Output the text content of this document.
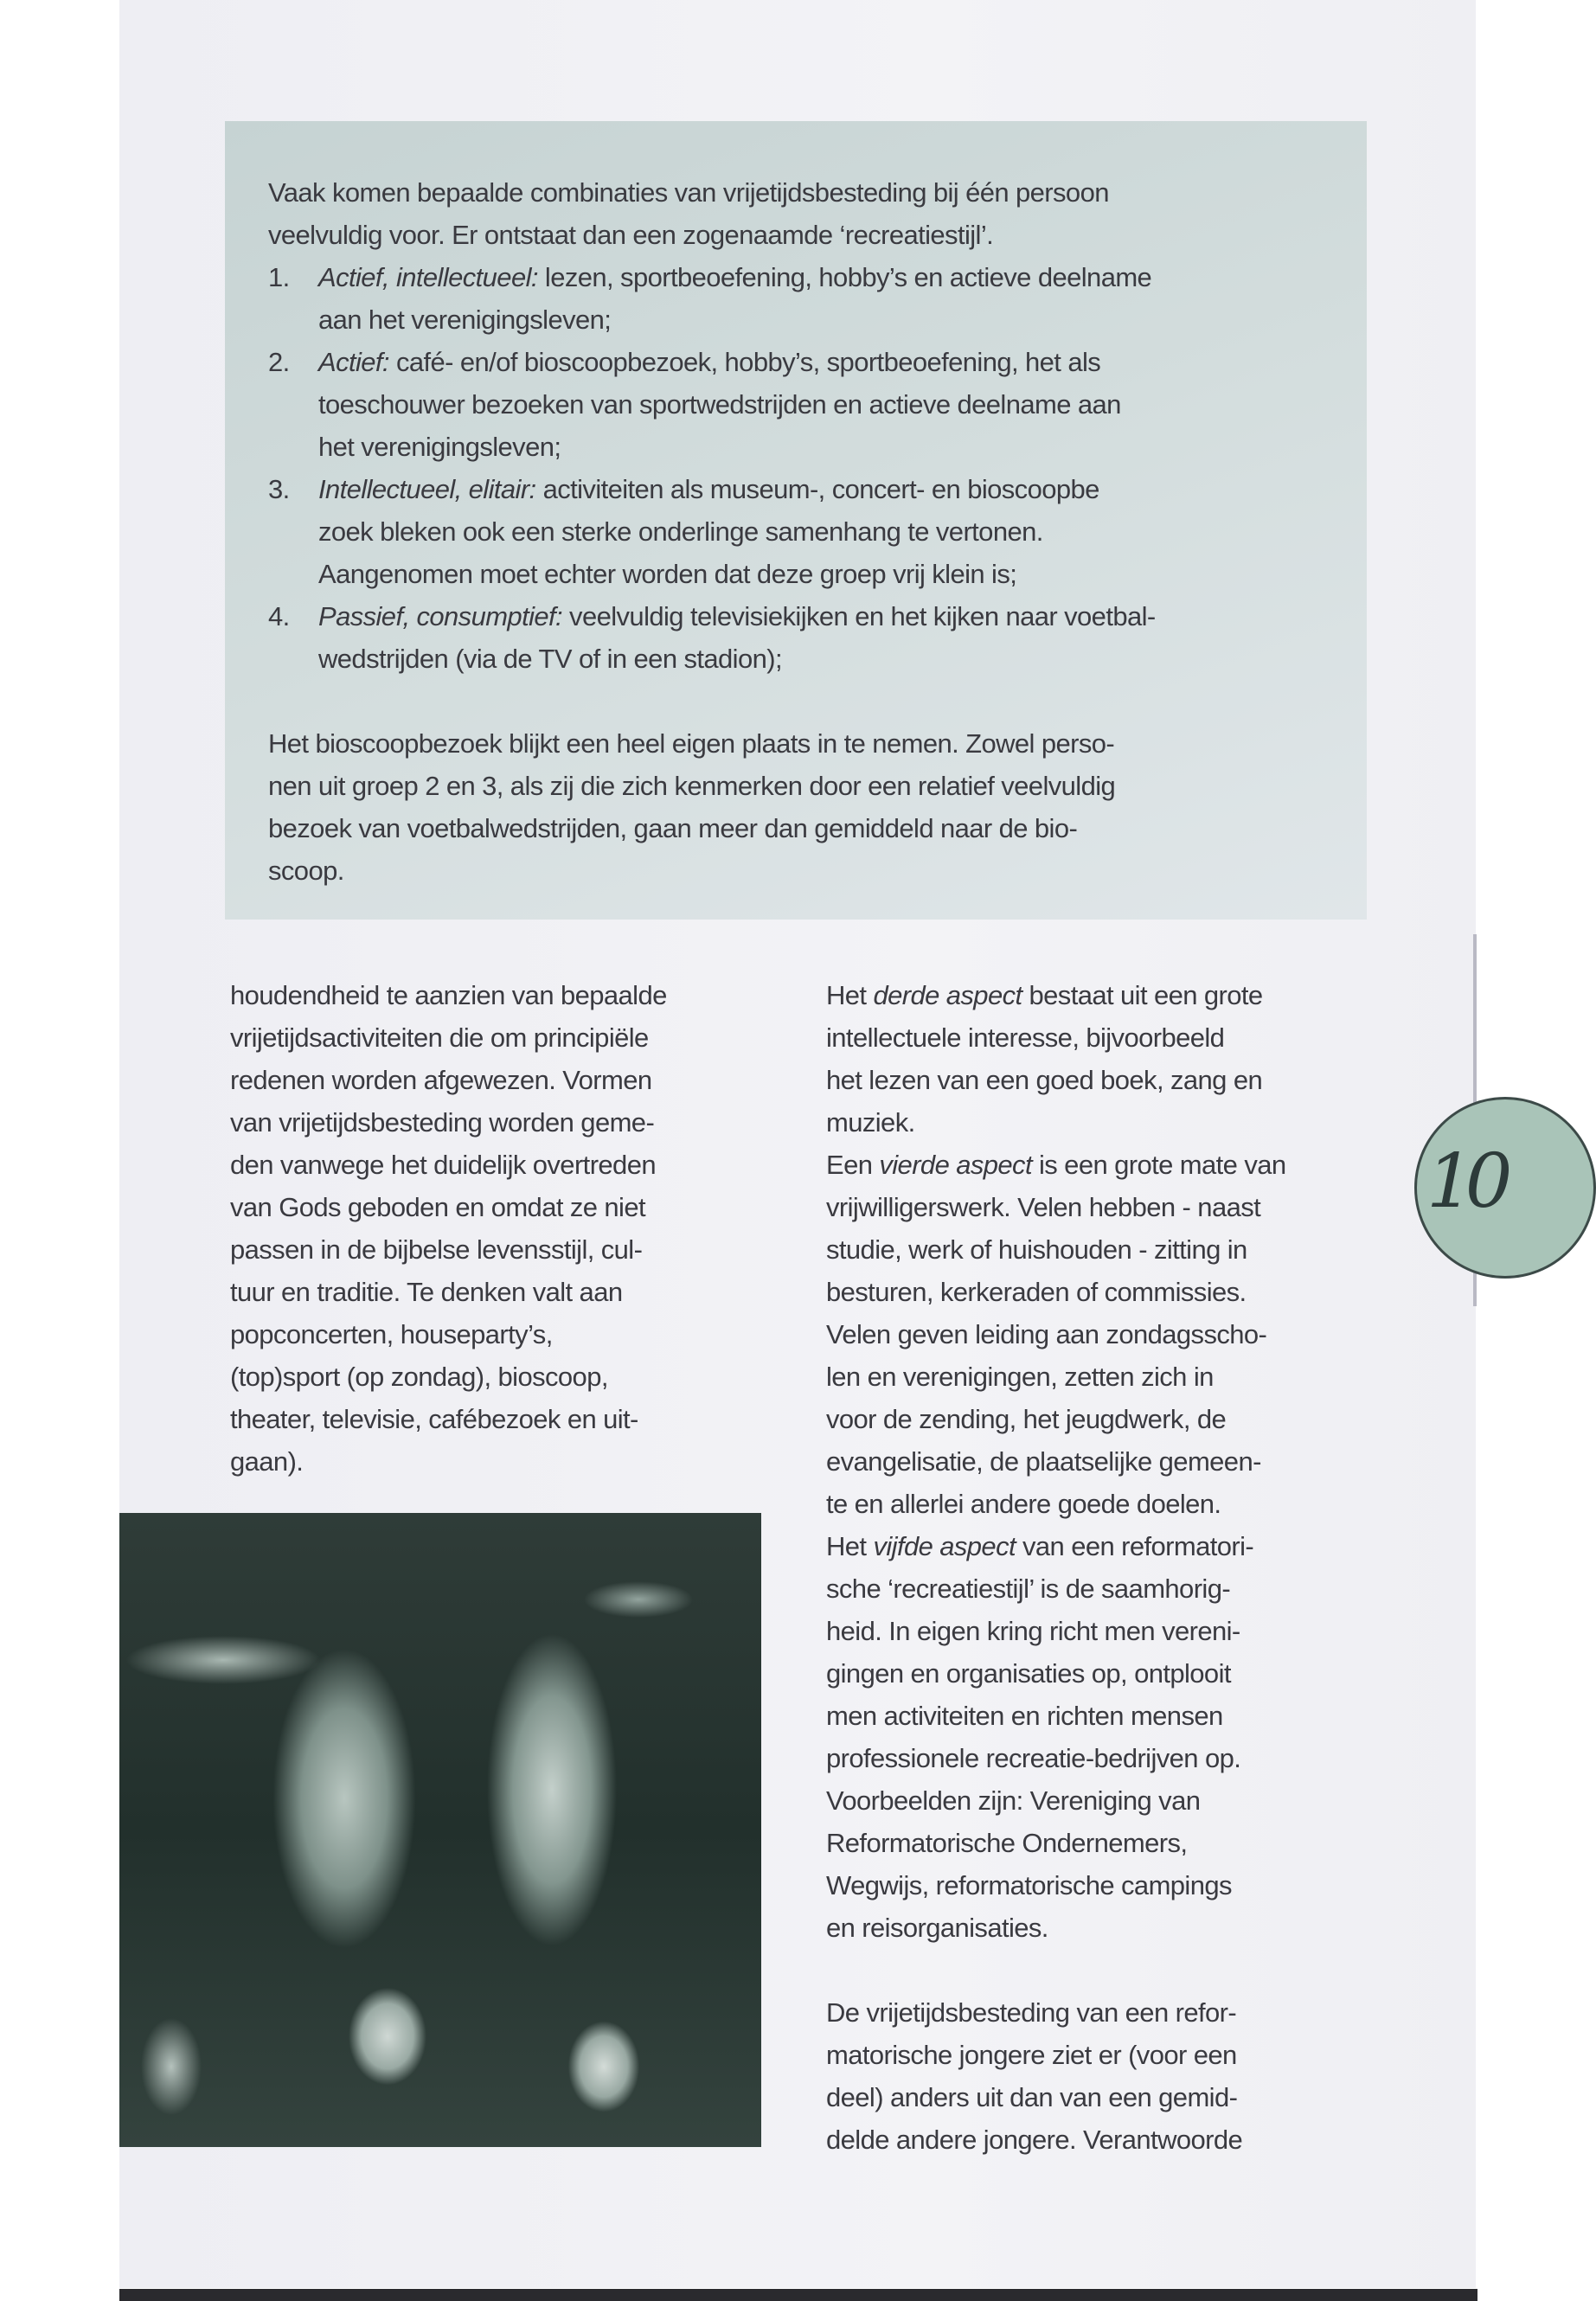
Vaak komen bepaalde combinaties van vrijetijdsbesteding bij één persoon
veelvuldig voor. Er ontstaat dan een zogenaamde ‘recreatiestijl’.
1. Actief, intellectueel: lezen, sportbeoefening, hobby’s en actieve deelname
aan het verenigingsleven;
2. Actief: café- en/of bioscoopbezoek, hobby’s, sportbeoefening, het als
toeschouwer bezoeken van sportwedstrijden en actieve deelname aan
het verenigingsleven;
3. Intellectueel, elitair: activiteiten als museum-, concert- en bioscoopbe
zoek bleken ook een sterke onderlinge samenhang te vertonen.
Aangenomen moet echter worden dat deze groep vrij klein is;
4. Passief, consumptief: veelvuldig televisiekijken en het kijken naar voetbal-
wedstrijden (via de TV of in een stadion);
Het bioscoopbezoek blijkt een heel eigen plaats in te nemen. Zowel perso-
nen uit groep 2 en 3, als zij die zich kenmerken door een relatief veelvuldig
bezoek van voetbalwedstrijden, gaan meer dan gemiddeld naar de bio-
scoop.
houdendheid te aanzien van bepaalde
vrijetijdsactiviteiten die om principiële
redenen worden afgewezen. Vormen
van vrijetijdsbesteding worden geme-
den vanwege het duidelijk overtreden
van Gods geboden en omdat ze niet
passen in de bijbelse levensstijl, cul-
tuur en traditie. Te denken valt aan
popconcerten, houseparty’s,
(top)sport (op zondag), bioscoop,
theater, televisie, cafébezoek en uit-
gaan).
Het derde aspect bestaat uit een grote
intellectuele interesse, bijvoorbeeld
het lezen van een goed boek, zang en
muziek.
Een vierde aspect is een grote mate van
vrijwilligerswerk. Velen hebben - naast
studie, werk of huishouden - zitting in
besturen, kerkeraden of commissies.
Velen geven leiding aan zondagsscho-
len en verenigingen, zetten zich in
voor de zending, het jeugdwerk, de
evangelisatie, de plaatselijke gemeen-
te en allerlei andere goede doelen.
Het vijfde aspect van een reformatori-
sche ‘recreatiestijl’ is de saamhorig-
heid. In eigen kring richt men vereni-
gingen en organisaties op, ontplooit
men activiteiten en richten mensen
professionele recreatie-bedrijven op.
Voorbeelden zijn: Vereniging van
Reformatorische Ondernemers,
Wegwijs, reformatorische campings
en reisorganisaties.
De vrijetijdsbesteding van een refor-
matorische jongere ziet er (voor een
deel) anders uit dan van een gemid-
delde andere jongere. Verantwoorde
10
